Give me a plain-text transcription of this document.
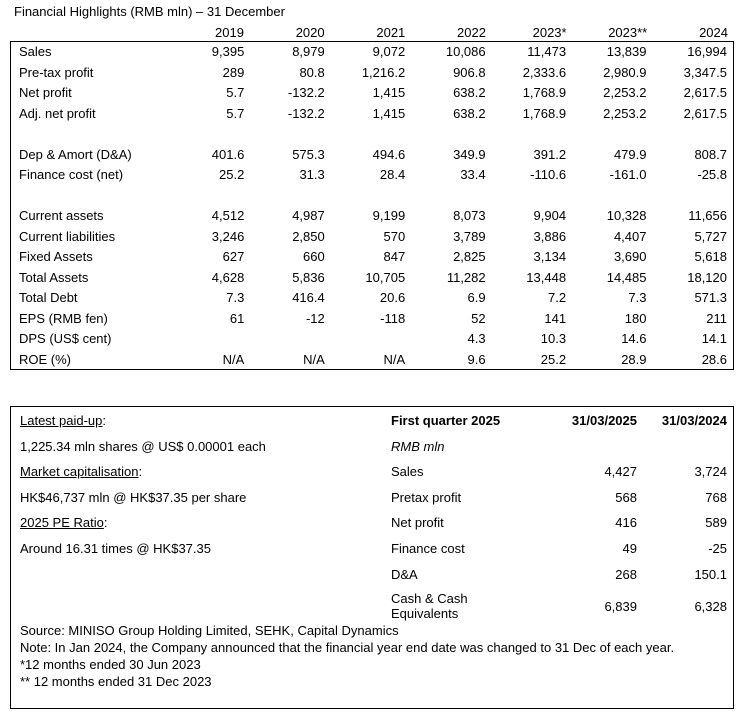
Financial Highlights (RMB mln) – 31 December
	2019	2020	2021	2022	2023*	2023**	2024
Sales	9,395	8,979	9,072	10,086	11,473	13,839	16,994
Pre-tax profit	289	80.8	1,216.2	906.8	2,333.6	2,980.9	3,347.5
Net profit	5.7	-132.2	1,415	638.2	1,768.9	2,253.2	2,617.5
Adj. net profit	5.7	-132.2	1,415	638.2	1,768.9	2,253.2	2,617.5

Dep & Amort (D&A)	401.6	575.3	494.6	349.9	391.2	479.9	808.7
Finance cost (net)	25.2	31.3	28.4	33.4	-110.6	-161.0	-25.8

Current assets	4,512	4,987	9,199	8,073	9,904	10,328	11,656
Current liabilities	3,246	2,850	570	3,789	3,886	4,407	5,727
Fixed Assets	627	660	847	2,825	3,134	3,690	5,618
Total Assets	4,628	5,836	10,705	11,282	13,448	14,485	18,120
Total Debt	7.3	416.4	20.6	6.9	7.2	7.3	571.3
EPS (RMB fen)	61	-12	-118	52	141	180	211
DPS (US$ cent)				4.3	10.3	14.6	14.1
ROE (%)	N/A	N/A	N/A	9.6	25.2	28.9	28.6
Latest paid-up:
1,225.34 mln shares @ US$ 0.00001 each
Market capitalisation:
HK$46,737 mln @ HK$37.35 per share
2025 PE Ratio:
Around 16.31 times @ HK$37.35
First quarter 2025	31/03/2025 31/03/2024
RMB mln
Sales	4,427	3,724
Pretax profit	568	768
Net profit	416	589
Finance cost	49	-25
D&A	268	150.1
Cash & Cash Equivalents	6,839	6,328
Source: MINISO Group Holding Limited, SEHK, Capital Dynamics
Note: In Jan 2024, the Company announced that the financial year end date was changed to 31 Dec of each year.
*12 months ended 30 Jun 2023
** 12 months ended 31 Dec 2023
